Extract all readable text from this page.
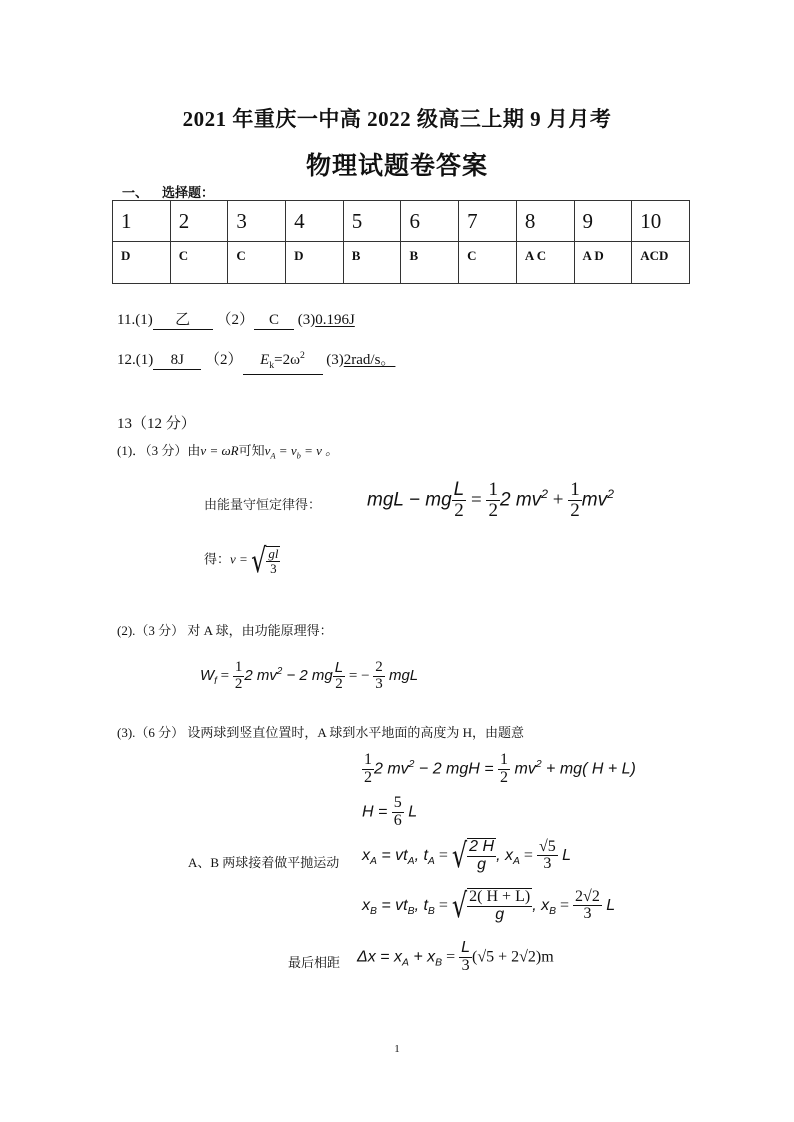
2021 年重庆一中高 2022 级高三上期 9 月月考
物理试题卷答案
一、 选择题：
1	2	3	4	5	6	7	8	9	10
D	C	C	D	B	B	C	A C	A D	ACD
11.(1) 乙 （2） C (3)0.196J
12.(1) 8J （2） $E_k=2\omega^2$ (3)2rad/s。
13（12 分）
(1)．（3 分）由v = ωR可知$v_A = v_b = v$ 。
由能量守恒定律得： mgL − mg $\frac{L}{2} = \frac{1}{2} 2$ $mv^2 + \frac{1}{2} mv^2$
得：v = √ $\frac{gl}{3}$
(2).（3 分） 对 A 球，由功能原理得：
$W_f = \frac{1}{2} 2$ $mv^2 - 2$ mg $\frac{L}{2}$ = − $\frac{2}{3}$ mgL
(3).（6 分） 设两球到竖直位置时，A 球到水平地面的高度为 H，由题意
$\frac{1}{2} 2$ $mv^2 - 2$ mgH = $\frac{1}{2} mv^2 + mg$( H + L)
$H = \frac{5}{6}$ L
A、B 两球接着做平抛运动 $x_A = vt_A$, $t_A$ = √ $\frac{2 H}{g}$ , $x_A = \frac{√5}{3}$ L
$x_B = vt_B$, $t_B$ = √ $\frac{2( H + L)}{g}$ , $x_B = \frac{2√2}{3}$ L
最后相距 $\Delta x = x_A + x_B = \frac{L}{3} (√5 + 2√2)m$
1
